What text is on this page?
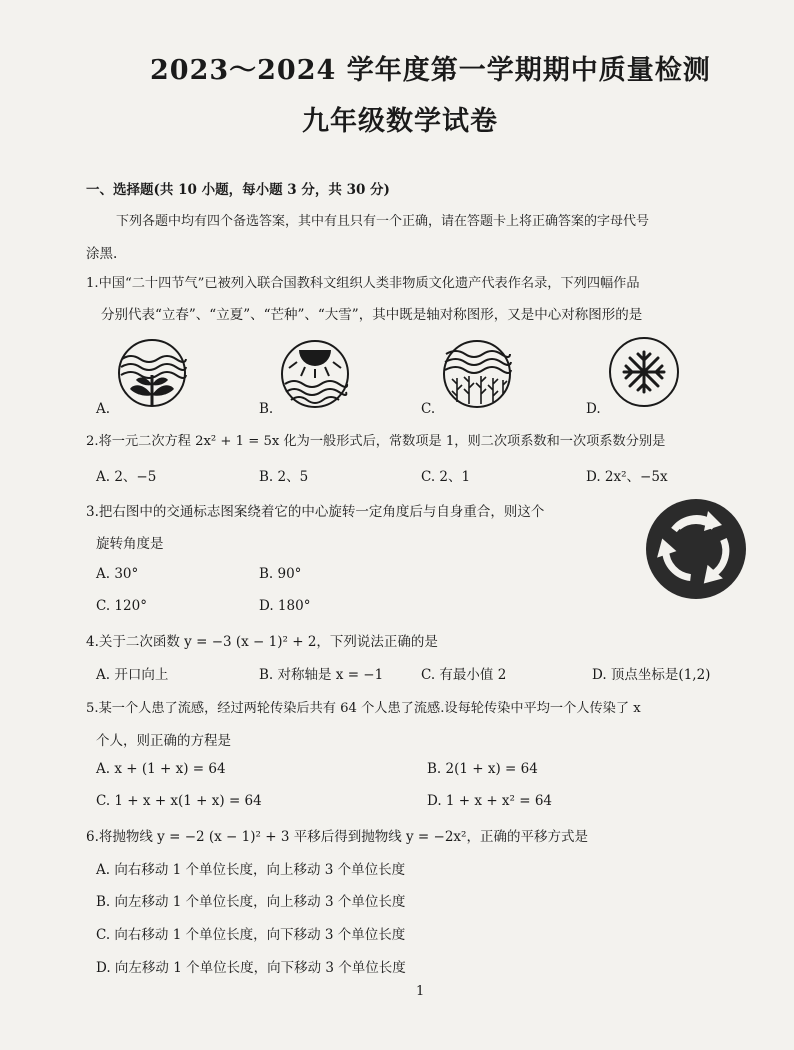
2023～2024 学年度第一学期期中质量检测
九年级数学试卷
一、选择题(共 10 小题，每小题 3 分，共 30 分)
下列各题中均有四个备选答案，其中有且只有一个正确，请在答题卡上将正确答案的字母代号
涂黑.
1.中国“二十四节气”已被列入联合国教科文组织人类非物质文化遗产代表作名录，下列四幅作品
分别代表“立春”、“立夏”、“芒种”、“大雪”，其中既是轴对称图形，又是中心对称图形的是
A.	B.	C.	D.
2.将一元二次方程 2x² + 1 = 5x 化为一般形式后，常数项是 1，则二次项系数和一次项系数分别是
A. 2、−5	B. 2、5	C. 2、1	D. 2x²、−5x
3.把右图中的交通标志图案绕着它的中心旋转一定角度后与自身重合，则这个
旋转角度是
A. 30°	B. 90°
C. 120°	D. 180°
4.关于二次函数 y = −3 (x − 1)² + 2，下列说法正确的是
A. 开口向上	B. 对称轴是 x = −1	C. 有最小值 2	D. 顶点坐标是(1,2)
5.某一个人患了流感，经过两轮传染后共有 64 个人患了流感.设每轮传染中平均一个人传染了 x
个人，则正确的方程是
A. x + (1 + x) = 64	B. 2(1 + x) = 64
C. 1 + x + x(1 + x) = 64	D. 1 + x + x² = 64
6.将抛物线 y = −2 (x − 1)² + 3 平移后得到抛物线 y = −2x²，正确的平移方式是
A. 向右移动 1 个单位长度，向上移动 3 个单位长度
B. 向左移动 1 个单位长度，向上移动 3 个单位长度
C. 向右移动 1 个单位长度，向下移动 3 个单位长度
D. 向左移动 1 个单位长度，向下移动 3 个单位长度
1
